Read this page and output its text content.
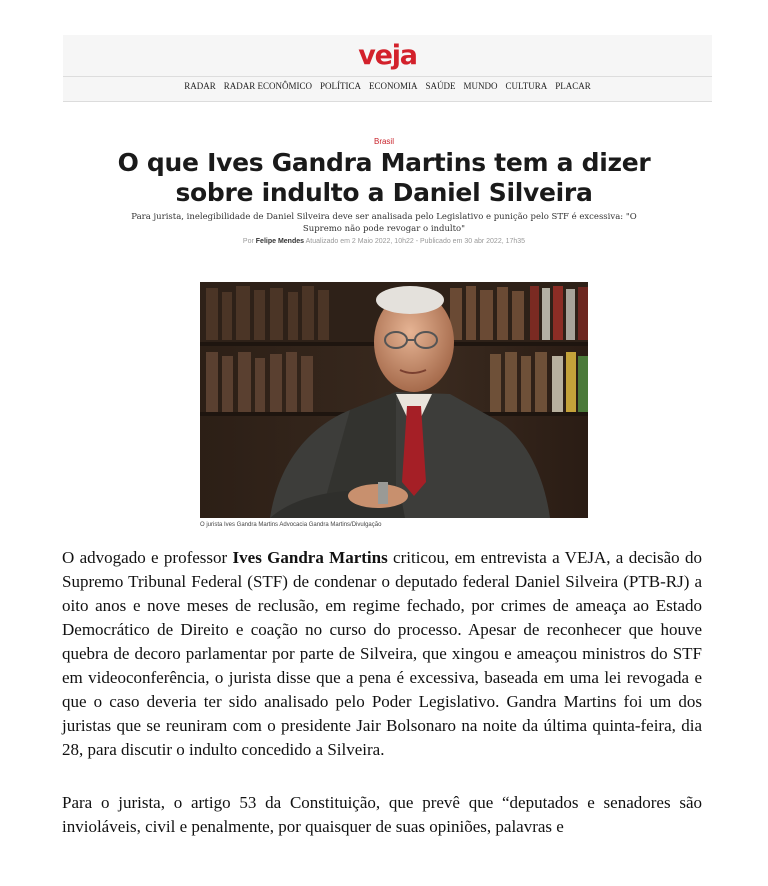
veja
RADAR RADAR ECONÔMICO POLÍTICA ECONOMIA SAÚDE MUNDO CULTURA PLACAR
Brasil
O que Ives Gandra Martins tem a dizer sobre indulto a Daniel Silveira
Para jurista, inelegibilidade de Daniel Silveira deve ser analisada pelo Legislativo e punição pelo STF é excessiva: "O Supremo não pode revogar o indulto"
Por Felipe Mendes Atualizado em 2 Maio 2022, 10h22 - Publicado em 30 abr 2022, 17h35
O jurista Ives Gandra Martins Advocacia Gandra Martins/Divulgação

O advogado e professor Ives Gandra Martins criticou, em entrevista a VEJA, a decisão do Supremo Tribunal Federal (STF) de condenar o deputado federal Daniel Silveira (PTB-RJ) a oito anos e nove meses de reclusão, em regime fechado, por crimes de ameaça ao Estado Democrático de Direito e coação no curso do processo. Apesar de reconhecer que houve quebra de decoro parlamentar por parte de Silveira, que xingou e ameaçou ministros do STF em videoconferência, o jurista disse que a pena é excessiva, baseada em uma lei revogada e que o caso deveria ter sido analisado pelo Poder Legislativo. Gandra Martins foi um dos juristas que se reuniram com o presidente Jair Bolsonaro na noite da última quinta-feira, dia 28, para discutir o indulto concedido a Silveira.

Para o jurista, o artigo 53 da Constituição, que prevê que “deputados e senadores são invioláveis, civil e penalmente, por quaisquer de suas opiniões, palavras e
